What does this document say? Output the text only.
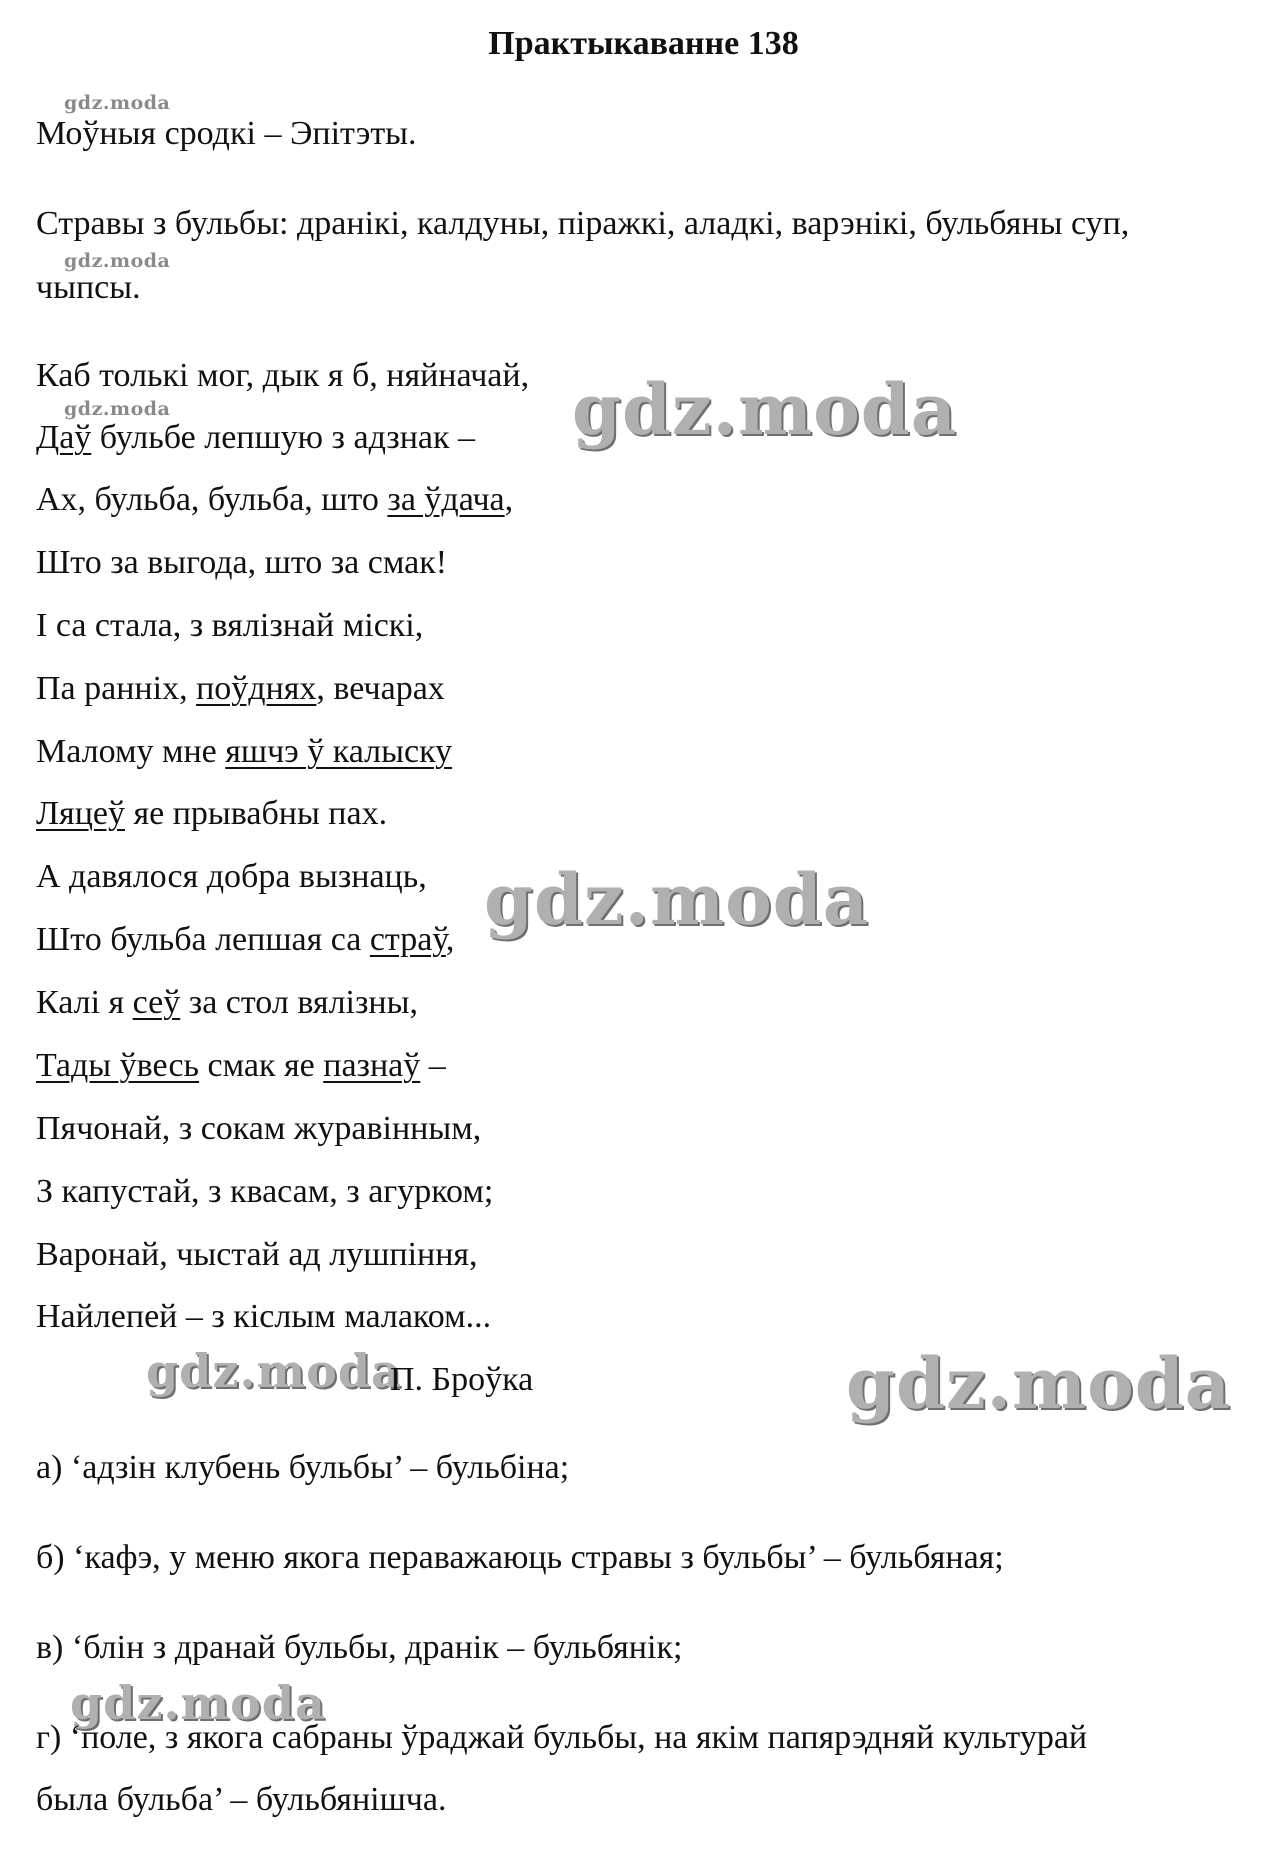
Практыкаванне 138
gdz.moda
gdz.moda
gdz.moda	gdz.moda
gdz.moda
gdz.moda	gdz.moda
gdz.moda
Моўныя сродкі – Эпітэты.
Стравы з бульбы: дранікі, калдуны, піражкі, аладкі, варэнікі, бульбяны суп,
чыпсы.
Каб толькі мог, дык я б, няйначай,
Даў бульбе лепшую з адзнак –
Ах, бульба, бульба, што за ўдача,
Што за выгода, што за смак!
І са стала, з вялізнай міскі,
Па ранніх, поўднях, вечарах
Малому мне яшчэ ў калыску
Ляцеў яе прывабны пах.
А давялося добра вызнаць,
Што бульба лепшая са страў,
Калі я сеў за стол вялізны,
Тады ўвесь смак яе пазнаў –
Пячонай, з сокам журавінным,
З капустай, з квасам, з агурком;
Варонай, чыстай ад лушпіння,
Найлепей – з кіслым малаком...
П. Броўка
а) ‘адзін клубень бульбы’ – бульбіна;
б) ‘кафэ, у меню якога пераважаюць стравы з бульбы’ – бульбяная;
в) ‘блін з дранай бульбы, дранік – бульбянік;
г) ‘поле, з якога сабраны ўраджай бульбы, на якім папярэдняй культурай
была бульба’ – бульбянішча.
